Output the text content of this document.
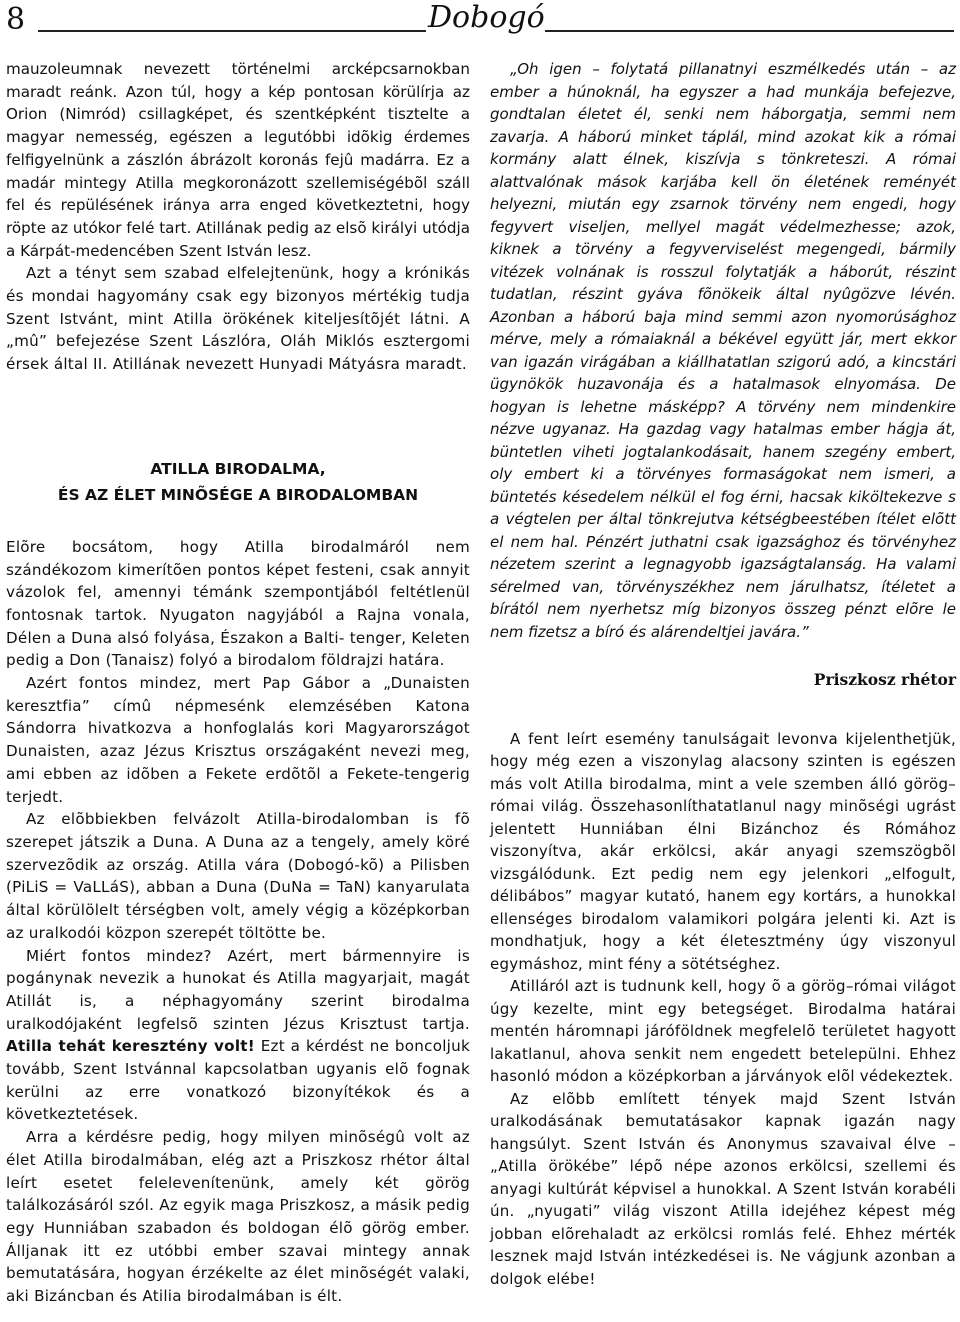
8	Dobogó

mauzoleumnak nevezett történelmi arcképcsarnokban maradt reánk. Azon túl, hogy a kép pontosan körülírja az Orion (Nimród) csillagképet, és szentképként tisztelte a magyar nemesség, egészen a legutóbbi idõkig érdemes felfigyelnünk a zászlón ábrázolt koronás fejû madárra. Ez a madár mintegy Atilla megkoronázott szellemiségébõl száll fel és repülésének iránya arra enged következtetni, hogy röpte az utókor felé tart. Atillának pedig az elsõ királyi utódja a Kárpát-medencében Szent István lesz.

Azt a tényt sem szabad elfelejtenünk, hogy a krónikás és mondai hagyomány csak egy bizonyos mértékig tudja Szent Istvánt, mint Atilla örökének kiteljesítõjét látni. A „mû” befejezése Szent Lászlóra, Oláh Miklós esztergomi érsek által II. Atillának nevezett Hunyadi Mátyásra maradt.

ATILLA BIRODALMA,
ÉS AZ ÉLET MINÕSÉGE A BIRODALOMBAN

Elõre bocsátom, hogy Atilla birodalmáról nem szándékozom kimerítõen pontos képet festeni, csak annyit vázolok fel, amennyi témánk szempontjából feltétlenül fontosnak tartok. Nyugaton nagyjából a Rajna vonala, Délen a Duna alsó folyása, Északon a Balti- tenger, Keleten pedig a Don (Tanaisz) folyó a birodalom földrajzi határa.

Azért fontos mindez, mert Pap Gábor a „Dunaisten keresztfia” címû népmesénk elemzésében Katona Sándorra hivatkozva a honfoglalás kori Magyarországot Dunaisten, azaz Jézus Krisztus országaként nevezi meg, ami ebben az idõben a Fekete erdõtõl a Fekete-tengerig terjedt.

Az elõbbiekben felvázolt Atilla-birodalomban is fõ szerepet játszik a Duna. A Duna az a tengely, amely köré szervezõdik az ország. Atilla vára (Dobogó-kõ) a Pilisben (PiLiS = VaLLáS), abban a Duna (DuNa = TaN) kanyarulata által körülölelt térségben volt, amely végig a középkorban az uralkodói közpon szerepét töltötte be.

Miért fontos mindez? Azért, mert bármennyire is pogánynak nevezik a hunokat és Atilla magyarjait, magát Atillát is, a néphagyomány szerint birodalma uralkodójaként legfelsõ szinten Jézus Krisztust tartja. Atilla tehát keresztény volt! Ezt a kérdést ne boncoljuk tovább, Szent Istvánnal kapcsolatban ugyanis elõ fognak kerülni az erre vonatkozó bizonyítékok és a következtetések.

Arra a kérdésre pedig, hogy milyen minõségû volt az élet Atilla birodalmában, elég azt a Priszkosz rhétor által leírt esetet felelevenítenünk, amely két görög találkozásáról szól. Az egyik maga Priszkosz, a másik pedig egy Hunniában szabadon és boldogan élõ görög ember. Álljanak itt ez utóbbi ember szavai mintegy annak bemutatására, hogyan érzékelte az élet minõségét valaki, aki Bizáncban és Atilia birodalmában is élt.

„Oh igen – folytatá pillanatnyi eszmélkedés után – az ember a húnoknál, ha egyszer a had munkája befejezve, gondtalan életet él, senki nem háborgatja, semmi nem zavarja. A háború minket táplál, mind azokat kik a római kormány alatt élnek, kiszívja s tönkreteszi. A római alattvalónak mások karjába kell ön életének reményét helyezni, miután egy zsarnok törvény nem engedi, hogy fegyvert viseljen, mellyel magát védelmezhesse; azok, kiknek a törvény a fegyverviselést megengedi, bármily vitézek volnának is rosszul folytatják a háborút, részint tudatlan, részint gyáva fõnökeik által nyûgözve lévén. Azonban a háború baja mind semmi azon nyomorúsághoz mérve, mely a rómaiaknál a békével együtt jár, mert ekkor van igazán virágában a kiállhatatlan szigorú adó, a kincstári ügynökök huzavonája és a hatalmasok elnyomása. De hogyan is lehetne másképp? A törvény nem mindenkire nézve ugyanaz. Ha gazdag vagy hatalmas ember hágja át, büntetlen viheti jogtalankodásait, hanem szegény embert, oly embert ki a törvényes formaságokat nem ismeri, a büntetés késedelem nélkül el fog érni, hacsak kiköltekezve s a végtelen per által tönkrejutva kétségbeestében ítélet elõtt el nem hal. Pénzért juthatni csak igazsághoz és törvényhez nézetem szerint a legnagyobb igazságtalanság. Ha valami sérelmed van, törvényszékhez nem járulhatsz, ítéletet a bírától nem nyerhetsz míg bizonyos összeg pénzt elõre le nem fizetsz a bíró és alárendeltjei javára.”

Priszkosz rhétor

A fent leírt esemény tanulságait levonva kijelenthetjük, hogy még ezen a viszonylag alacsony szinten is egészen más volt Atilla birodalma, mint a vele szemben álló görög–római világ. Összehasonlíthatatlanul nagy minõségi ugrást jelentett Hunniában élni Bizánchoz és Rómához viszonyítva, akár erkölcsi, akár anyagi szemszögbõl vizsgálódunk. Ezt pedig nem egy jelenkori „elfogult, délibábos” magyar kutató, hanem egy kortárs, a hunokkal ellenséges birodalom valamikori polgára jelenti ki. Azt is mondhatjuk, hogy a két életesztmény úgy viszonyul egymáshoz, mint fény a sötétséghez.

Atilláról azt is tudnunk kell, hogy õ a görög–római világot úgy kezelte, mint egy betegséget. Birodalma határai mentén háromnapi járóföldnek megfelelõ területet hagyott lakatlanul, ahova senkit nem engedett betelepülni. Ehhez hasonló módon a középkorban a járványok elõl védekeztek.

Az elõbb említett tények majd Szent István uralkodásának bemutatásakor kapnak igazán nagy hangsúlyt. Szent István és Anonymus szavaival élve – „Atilla örökébe” lépõ népe azonos erkölcsi, szellemi és anyagi kultúrát képvisel a hunokkal. A Szent István korabéli ún. „nyugati” világ viszont Atilla idejéhez képest még jobban elõrehaladt az erkölcsi romlás felé. Ehhez mérték lesznek majd István intézkedései is. Ne vágjunk azonban a dolgok elébe!
